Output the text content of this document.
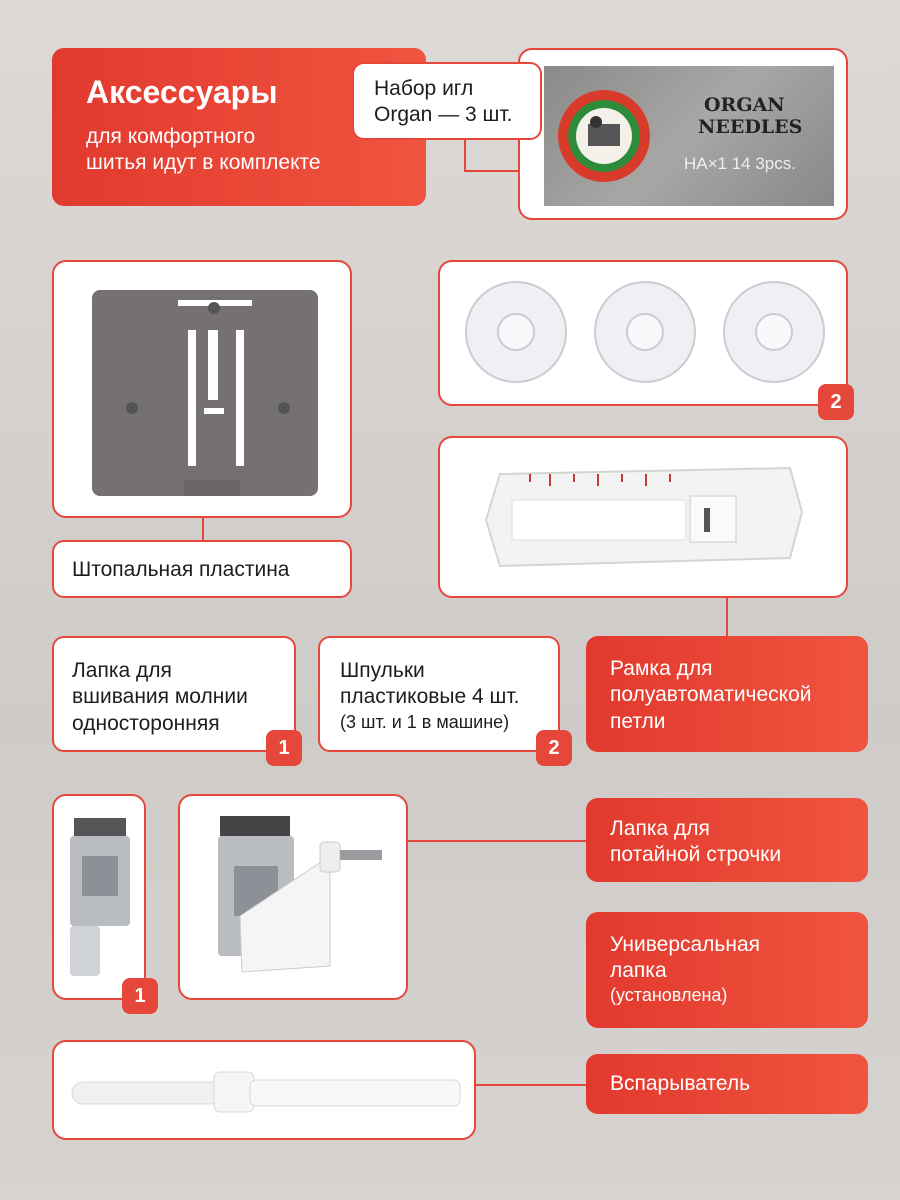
Аксессуары
для комфортного
шитья идут в комплекте
ORGAN
NEEDLES
HA×1 14 3pcs.
Набор игл
Organ — 3 шт.
Штопальная пластина
2
Рамка для
полуавтоматической
петли
Лапка для
вшивания молнии
односторонняя
1
Шпульки
пластиковые 4 шт.
(3 шт. и 1 в машине)
2
1
Лапка для
потайной строчки
Универсальная
лапка
(установлена)
Вспарыватель
